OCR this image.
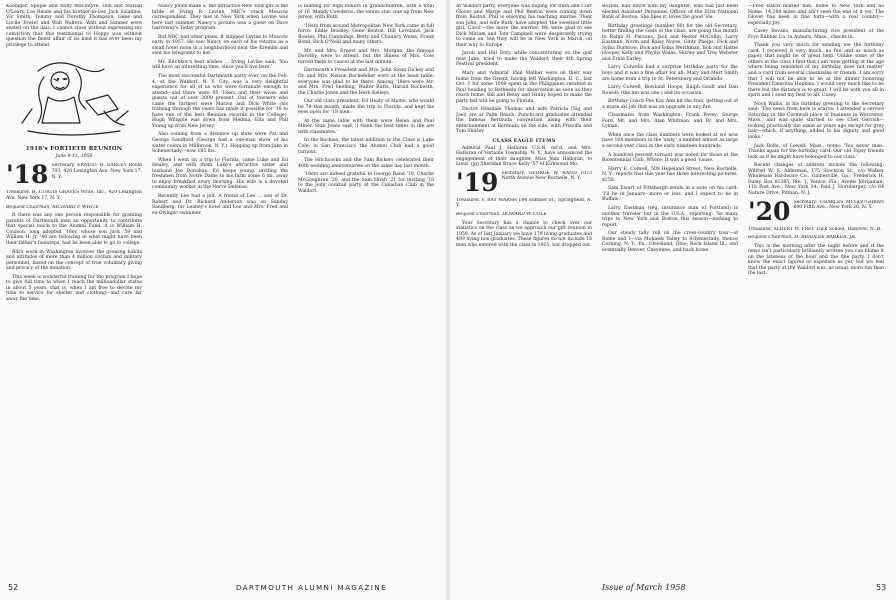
Koeniger, Spique and Roby MacIntyre, Don and Marian O'Leary, Les Reade and his brother-in-law, Jack Saladine, Vic Smith, Tommy and Dorothy Thompson, Gene and Lucile Towler and Walt Walters. Walt and Sumner were seated on the dais. I cannot close without expressing my conviction that this testimonial to Hoppy was without question the finest affair of its kind it has ever been my privilege to attend.

1918's FORTIETH REUNION
June 9-11, 1958
'18 Secretary, ERNEST H. EARLEY Room 703, 420 Lexington Ave. New York 17, N. Y.
Treasurer, H. CURTIS GRAVES Write, Inc., 420 Lexington Ave. New York 17, N. Y.
Bequest Chairman, RICHARD P. WHITE

It there was any one person responsible for granting parents of Dartmouth men an opportunity to contribute that special touch to the Alumni Fund, it is William H. Coulson, long adopted '18er, whose son Jack '59 and William H. Jr. '40 are following in what might have been their father's footsteps, had he been able to go to college.

Bill's work in Washington involves the growing habits and attitudes of more than 4 million civilian and military personnel, based on the concept of true voluntary giving and privacy of the donation.

This week is wonderful training for the program I hope to give full time to when I reach the milliondollar status in about 5 years, that is, when I am free to devote my time to service for shelter and clothing—and care far away the time.

Nancy Jones made a, the attractive New York girl is the bride of Irving R. Levine, NBC's crack Moscow correspondent. They met in New York when Levine was here last summer. Nancy's picture was a guest on Dave Garroway's Today program.

But NBC had other plans. It shipped Levine to Moscow early in 1957. He saw Nancy on each of his returns as a small hotel room in a neighborhood near the Kremlin and sent his telegrams to her.

Mr. Bitchkov's best wishes ... Irving Levine said: 'You will have an interesting time, since you'll live here.'

The most successful Dartmouth party ever, on the Feb. 4, at the Waldorf. N. Y. City, was a very delightful experience for all of us who were fortunate enough to attend—and there were 95 '18ers and their wives and guests out of over 2000 present. Out of towners who came the farthest were Marion and Dick White (his training through the years has made it possible for '18 to have one of the best Reunion records in the College). Hugh Whipple was down from Medina, Ella and Phil Young up from New Jersey.

Also coming from a distance up state were Pat and George Sandford (George had a one-man show of his water colors in Millbrook, N. Y.). Hopping up from Jake in Schenectady—now 185 lbs.

When I went on a trip to Florida, came Luke and Ed Healey, and with them Luke's attractive sister and husband Joe Donohue. Ed keeps young, inviting the freshmen from Notre Dame to his farm some 6 mi. away to enjoy breakfast every morning. His wife is a devoted community worker in the Nerve Defense.

Recently Lee had a jolt. A friend of Lee ... son of Dr. Robert and Dr. Richard Anderson was on Sunday Sandberg, for Leaney's hotel and Lee and Mrs. Fred and ex-Olympic swimmer.

is bidding for high honors in grandchildren, with a total of 16. Mandy Cowderos, the tennis star, was up from New Jersey, with Ruth.

'18ers from around Metropolitan New York came in full force: Eddie Bradley, Gene Beaton, Bill Loveland, Jack Bowles, Phil Cummings, Betty and Chauncy Wales, Frank Bond, Dick O'Neill and many others.

Mr. and Mrs. Ernest and Mrs. Morgan, the famous Dorothy, were to attend, but the illness of Mrs. Cole forced them to cancel at the last minute.

Dartmouth's President and Mrs. John Sloan Dickey and Dr. and Mrs. Nelson Rockefeller were at the head table; everyone was glad to be there. Among '18ers were Mr. and Mrs. Fred Snelling, Walter Butts, Harold Beckwith, the Charlie Jones and the Herb Kelleys.

Our old class president, Ed Healy of Maine, who would be 78 this month, made the trip to Florida, and kept his eyes open for '18 men.

At the same table with them were Helen and Paul Miner. Stan Jones said, 'I think the best times in life are with classmates.'

In the Rockies, the latest addition to the Class is Luke Cole; in San Francisco the Alumni Club had a good turnout.

The Hitchcocks and the Sam Bickers celebrated their 40th wedding anniversaries on the same day last month.

'18ers are indeed grateful to George Rand '19, Charlie McGoughran '20, and the Sam Hirsh '21 for inviting '18 to the joint cocktail party at the Canadian Club in the Waldorf.

52	DARTMOUTH ALUMNI MAGAZINE

At Waldorf party, everyone was hoping for Ruth and Curt Glover and Marge and Phil Benton were coming down from Boston. Phil is enjoying his teaching marine. Their son John, and wife Ruth, have adopted 'the sweetest little girl, Carol'—the more the merrier. We were glad to see Dick Miriam and Tom Campbell were desperately trying to come on, but they will be in New York in March, on their way to Europe.

Jacob and Hal Doty, while concentrating on the golf next June, tried to make the Waldorf; their 4th Spring Festival president.

Mary and 'Admiral' Paul Mather were on their way home from the Orient, having left Washington, D. C., last Oct. 1 for some 1000 spent in the Philippines resulted in Paul heading to Bethesda for observation as soon as they reach home. Bill and Betsy and Hinny hoped to make the party but will be going to Florida.

Doctor Hinsdale Thomas and wife Patricia (Sig and Joel) are at Palm Beach. Punchcard graduates attended the famous Bermuda convention along with their entertainment at Bermuda on the side, with Priscilla and Tom Shirley.

CLASS EAGLE ITEMS

Admiral Paul J. Halloran U.S.N. ret'd, and Mrs. Halloran of Verlaine Township, N. Y., have announced the engagement of their daughter, Miss Jean Halloran, to Lieut. (jg) Sheridan Bruce Kelly '57 of Kirkwood Mo.

'19 Secretary, GEORGE W. RAND 1073 North Avenue New Rochelle, N. Y.
Treasurer, F. RAY MARSH 184 Sumner St., Springfield, N. Y.
Bequest Chairman, HOWARD W. COLE

Your Secretary has a chance to check over our statistics on the class as we approach our gift reunion in 1959. As of last January we have 179 living graduates and 499 living non-graduates. These figures do not include 18 men who entered with the class in 1915, but dropped out.

Boston, had lunch with my daughter, who had just been elected Assistant Personnel Officer of the First National Bank of Boston. She likes it, loves the good 'ole.

Birthday greetings (number 60) for the old Secretary, better finding the Gods of the class, are going this month to Ralph H. Parsons, Jack and Rester McCollin, Larry Eastman, Norm and Raisy Noyes, Ginty Phelps, Dick and Sylba Durbrow, Dick and Edna Werthman, Bob and Hattie Hooper, Kelly and Phyllis Wallis, Shirley and Trey Webster and Ernie Earley.

Larry Colwells had a surprise birthday party for the boys and it was a fine affair for all. Mary and Mert Smith are home from a trip to St. Petersburg and Orlando.

Larry Colwell, Rowland Hoops, Ralph Gault and Dan Rowell: (the inn was one.) and its occasion.

Birthday Coach Pee Kay Ann hit the trail, getting out of a warm ski job that was an upgrade in any fire.

Classmates from Washington: Frank Pevey; Sturge Ford, Mr. and Mrs. Alan Whitman, and Dr. and Mrs. Lyman.

When once the class numbers were looked at we now have 108 members in the 'sixty,' a number almost as large a second-year class in the early nineteen hundreds.

A hundred percent turnout was noted for those at the Bicentennial Club. Where: It was a good 'cause.

Harry E. Colwell, 508 Hopeland Street, New Rochelle, N. Y., reports that this year has three interesting pictures, $250.

Sam Ewart of Pittsburgh sends in a note on his card: 'I'll be in January—more or less, and I expect to be in Buffalo.'

Larry Eastman (reg, insurance man of Portland) is another traveler but in the U.S.A., reporting: 'So many trips to New York and Boston this season—nothing to report.'

Our steady tally roll on the cross-country tour—of Rome and I—via Mohawk Valley to Schenectady, thence Corning, N. Y., Pa., Cleveland, Ohio; Rock Island Ill.; and eventually Denver, Cheyenne, and back home.

—Fred Balch missed him, home to New York and no Home. 14,288 miles and ain't seen the end of it yet. The Glover has been in fine form—with a real country—especially Joy.

Casey Bevans, manufacturing vice president of the Frye Rubber Co. in Auburn, Mass., checks in.

Thank you very much for sending me the birthday card. I received it very much, no fun and as much as paper, that might be of great help. Unlike some of the others in the class I find that I am 'now getting at the age where being reminded of my birthday does not matter' and a card from several classmates or friends. I am sorry that I will not be able to be at the dinner honoring President Emeritus Hopkins. I would very much like to be there but the distance is to great. I will be with you all in spirit and I send my best to all. Casey.

Nock Wallis, in his birthday greeting to the Secretary said: 'The news from here is scarce. I attended a service Saturday in the Cornwall place of business in Worcester, Mass., and was quite startled to see Chet Gerrish—looking practically the same as years ago except for grey hair—which, if anything, added to his dignity and good looks.'

Jack Bolfe, of Lowell, Mass., notes: 'You never miss. Thanks again for the birthday card. Our old Topsy friends look as if he might have belonged to our class.'

Recent changes of address include the following: Wilfred W. S. Alderman, 175 Stockton St., c/o Walker Wholesale Hardware Co., Gainesville, Ga.; Frederick H. Daley, Box 81385, Rte. 1, Venice, Fla.; Avedis Mirijanian, 118 Post Ave., New York 34; Paul J. Hornberger, c/o 64 Nature Drive, Pitman, N. J.

'20 Secretary, CHARLES MCGOUGHRAN 600 Fifth Ave., New York 20, N. Y.
Treasurer, ALBERT W. FREY Tuck School, Hanover, N. H.
Bequest Chairman, H. BRADLEE BARKER, JR.

This is the morning after the night before and if the news isn't particularly brilliantly written you can blame it on the lateness of the hour and the fine party. I don't know the exact figures or expenses as yet, but we feel that the party at the Waldorf was, as usual, more fun than the last.

Issue of March 1958	53
